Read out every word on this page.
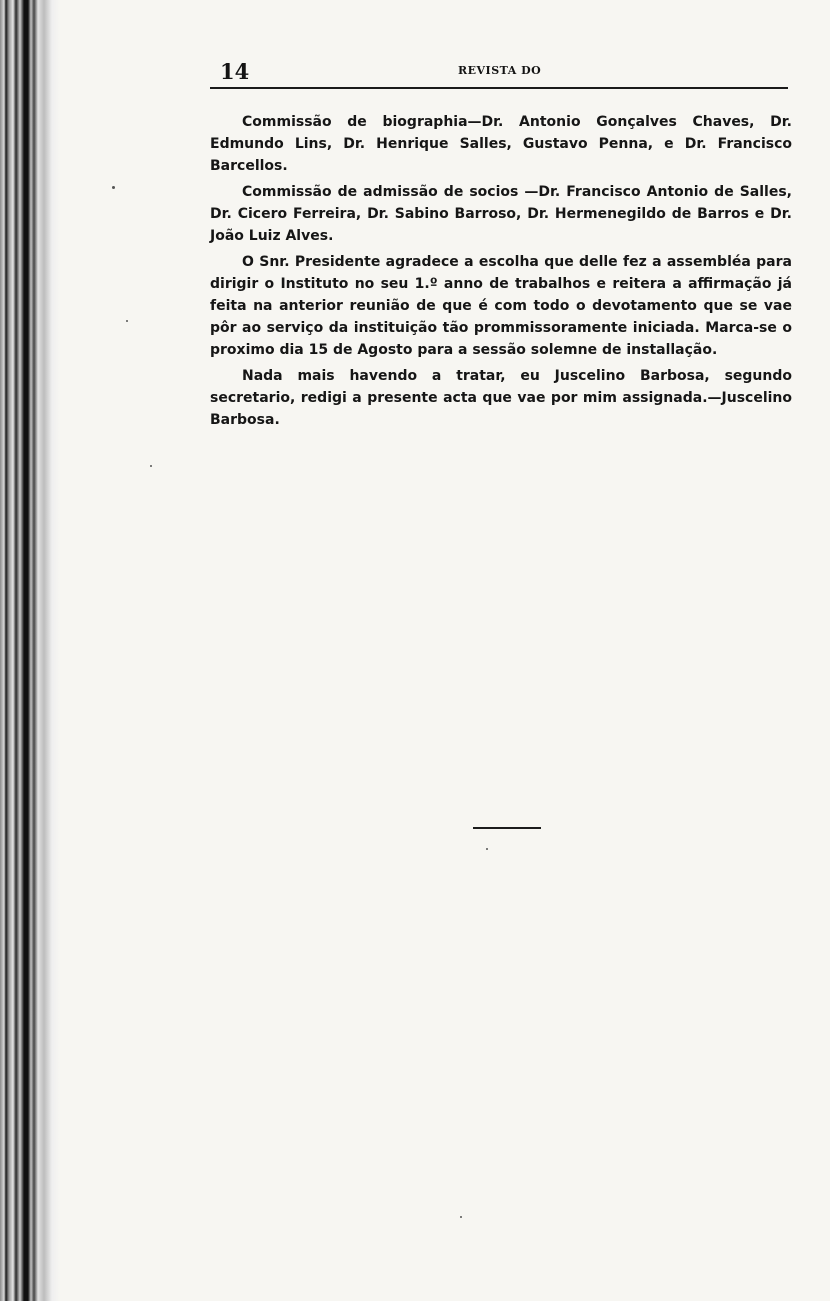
14	REVISTA DO

Commissão de biographia—Dr. Antonio Gonçalves Chaves, Dr. Edmundo Lins, Dr. Henrique Salles, Gustavo Penna, e Dr. Francisco Barcellos.

Commissão de admissão de socios —Dr. Francisco Antonio de Salles, Dr. Cicero Ferreira, Dr. Sabino Barroso, Dr. Hermenegildo de Barros e Dr. João Luiz Alves.

O Snr. Presidente agradece a escolha que delle fez a assembléa para dirigir o Instituto no seu 1.º anno de trabalhos e reitera a affirmação já feita na anterior reunião de que é com todo o devotamento que se vae pôr ao serviço da instituição tão prommissoramente iniciada. Marca-se o proximo dia 15 de Agosto para a sessão solemne de installação.

Nada mais havendo a tratar, eu Juscelino Barbosa, segundo secretario, redigi a presente acta que vae por mim assignada.—Juscelino Barbosa.
